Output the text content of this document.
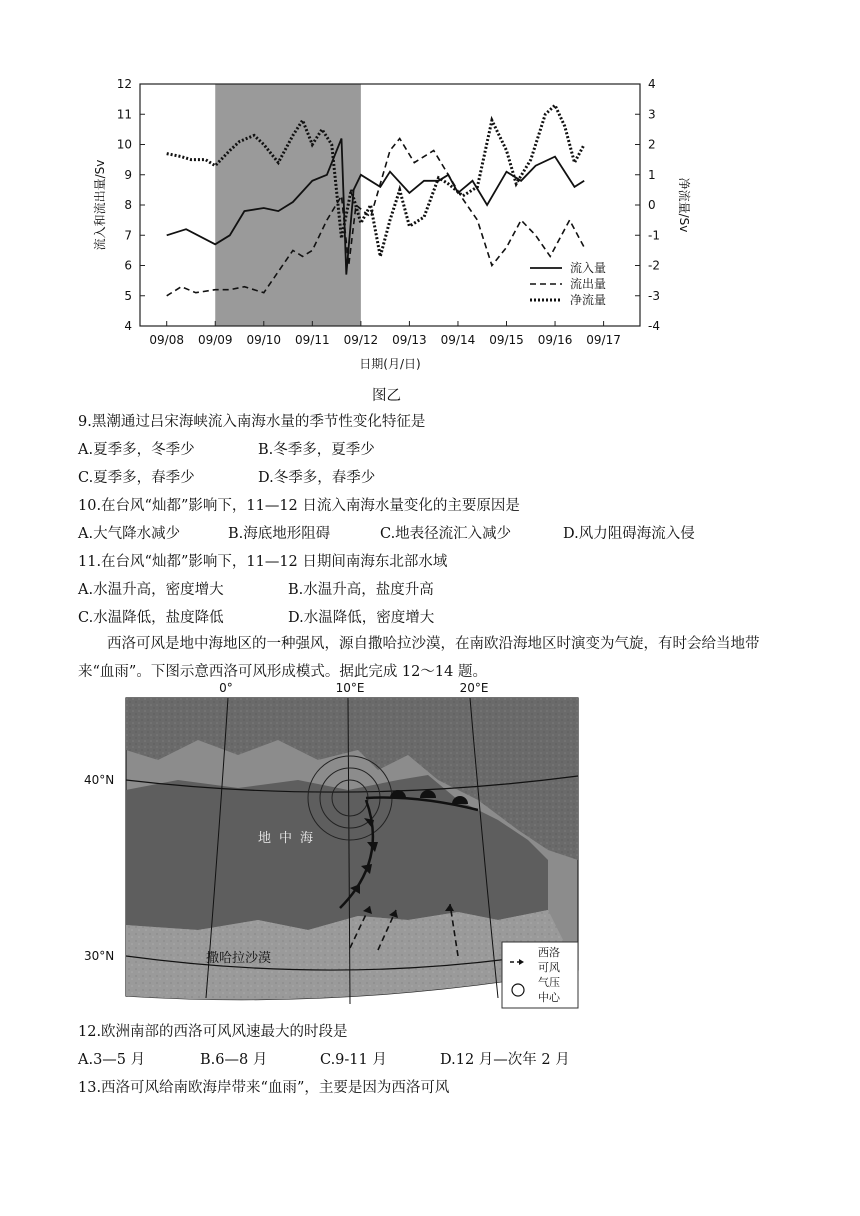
4
5
6
7
8
9
10
11
12
-4
-3
-2
-1
0
1
2
3
4
09/08 09/09 09/10 09/11 09/12 09/13 09/14 09/15 09/16 09/17
日期(月/日)
流入和流出量/Sv	净流量/Sv
流入量
流出量
净流量
图乙
9.黑潮通过吕宋海峡流入南海水量的季节性变化特征是
A.夏季多，冬季少	B.冬季多，夏季少
C.夏季多，春季少	D.冬季多，春季少
10.在台风“灿都”影响下，11—12 日流入南海水量变化的主要原因是
A.大气降水减少	B.海底地形阻碍	C.地表径流汇入减少	D.风力阻碍海流入侵
11.在台风“灿都”影响下，11—12 日期间南海东北部水域
A.水温升高，密度增大	B.水温升高，盐度升高
C.水温降低，盐度降低	D.水温降低，密度增大
西洛可风是地中海地区的一种强风，源自撒哈拉沙漠，在南欧沿海地区时演变为气旋，有时会给当地带来“血雨”。下图示意西洛可风形成模式。据此完成 12～14 题。
0°	10°E	20°E
40°N
30°N
地中海
撒哈拉沙漠	西洛 可风
气压 中心
12.欧洲南部的西洛可风风速最大的时段是
A.3—5 月	B.6—8 月	C.9-11 月	D.12 月—次年 2 月
13.西洛可风给南欧海岸带来“血雨”，主要是因为西洛可风
